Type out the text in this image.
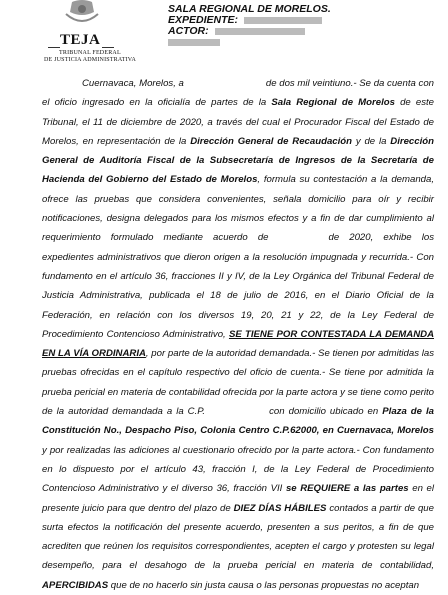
TEJA
TRIBUNAL FEDERAL
DE JUSTICIA ADMINISTRATIVA
SALA REGIONAL DE MORELOS.
EXPEDIENTE:
ACTOR:

Cuernavaca, Morelos, a	de dos mil veintiuno.- Se da cuenta con el oficio ingresado en la oficialía de partes de la Sala Regional de Morelos de este Tribunal, el 11 de diciembre de 2020, a través del cual el Procurador Fiscal del Estado de Morelos, en representación de la Dirección General de Recaudación y de la Dirección General de Auditoría Fiscal de la Subsecretaría de Ingresos de la Secretaría de Hacienda del Gobierno del Estado de Morelos, formula su contestación a la demanda, ofrece las pruebas que considera convenientes, señala domicilio para oír y recibir notificaciones, designa delegados para los mismos efectos y a fin de dar cumplimiento al requerimiento formulado mediante acuerdo de	de 2020, exhibe los expedientes administrativos que dieron origen a la resolución impugnada y recurrida.- Con fundamento en el artículo 36, fracciones II y IV, de la Ley Orgánica del Tribunal Federal de Justicia Administrativa, publicada el 18 de julio de 2016, en el Diario Oficial de la Federación, en relación con los diversos 19, 20, 21 y 22, de la Ley Federal de Procedimiento Contencioso Administrativo, SE TIENE POR CONTESTADA LA DEMANDA EN LA VÍA ORDINARIA, por parte de la autoridad demandada.- Se tienen por admitidas las pruebas ofrecidas en el capítulo respectivo del oficio de cuenta.- Se tiene por admitida la prueba pericial en materia de contabilidad ofrecida por la parte actora y se tiene como perito de la autoridad demandada a la C.P.	con domicilio ubicado en Plaza de la Constitución No., Despacho Piso, Colonia Centro C.P.62000, en Cuernavaca, Morelos y por realizadas las adiciones al cuestionario ofrecido por la parte actora.- Con fundamento en lo dispuesto por el artículo 43, fracción I, de la Ley Federal de Procedimiento Contencioso Administrativo y el diverso 36, fracción VII se REQUIERE a las partes en el presente juicio para que dentro del plazo de DIEZ DÍAS HÁBILES contados a partir de que surta efectos la notificación del presente acuerdo, presenten a sus peritos, a fin de que acrediten que reúnen los requisitos correspondientes, acepten el cargo y protesten su legal desempeño, para el desahogo de la prueba pericial en materia de contabilidad, APERCIBIDAS que de no hacerlo sin justa causa o las personas propuestas no aceptan
